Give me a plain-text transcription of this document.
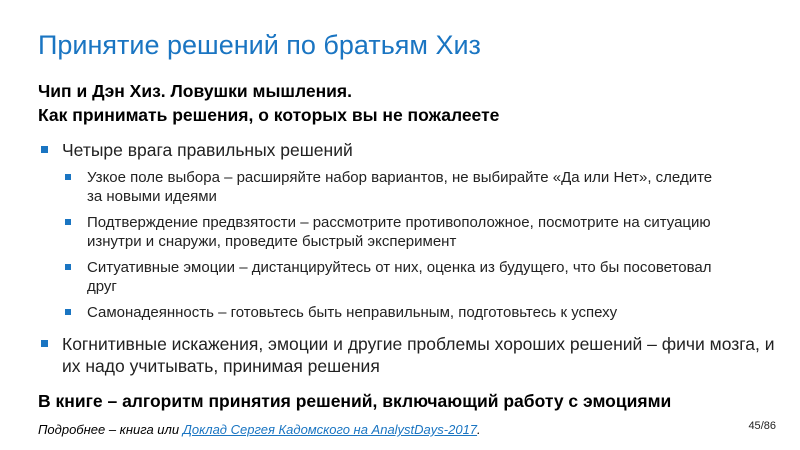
Принятие решений по братьям Хиз
Чип и Дэн Хиз. Ловушки мышления.
Как принимать решения, о которых вы не пожалеете
Четыре врага правильных решений
Узкое поле выбора – расширяйте набор вариантов, не выбирайте «Да или Нет», следите за новыми идеями
Подтверждение предвзятости – рассмотрите противоположное, посмотрите на ситуацию изнутри и снаружи, проведите быстрый эксперимент
Ситуативные эмоции – дистанцируйтесь от них, оценка из будущего, что бы посоветовал друг
Самонадеянность – готовьтесь быть неправильным, подготовьтесь к успеху
Когнитивные искажения, эмоции и другие проблемы хороших решений – фичи мозга, и их надо учитывать, принимая решения
В книге – алгоритм принятия решений, включающий работу с эмоциями
Подробнее – книга или Доклад Сергея Кадомского на AnalystDays-2017.	45/86
